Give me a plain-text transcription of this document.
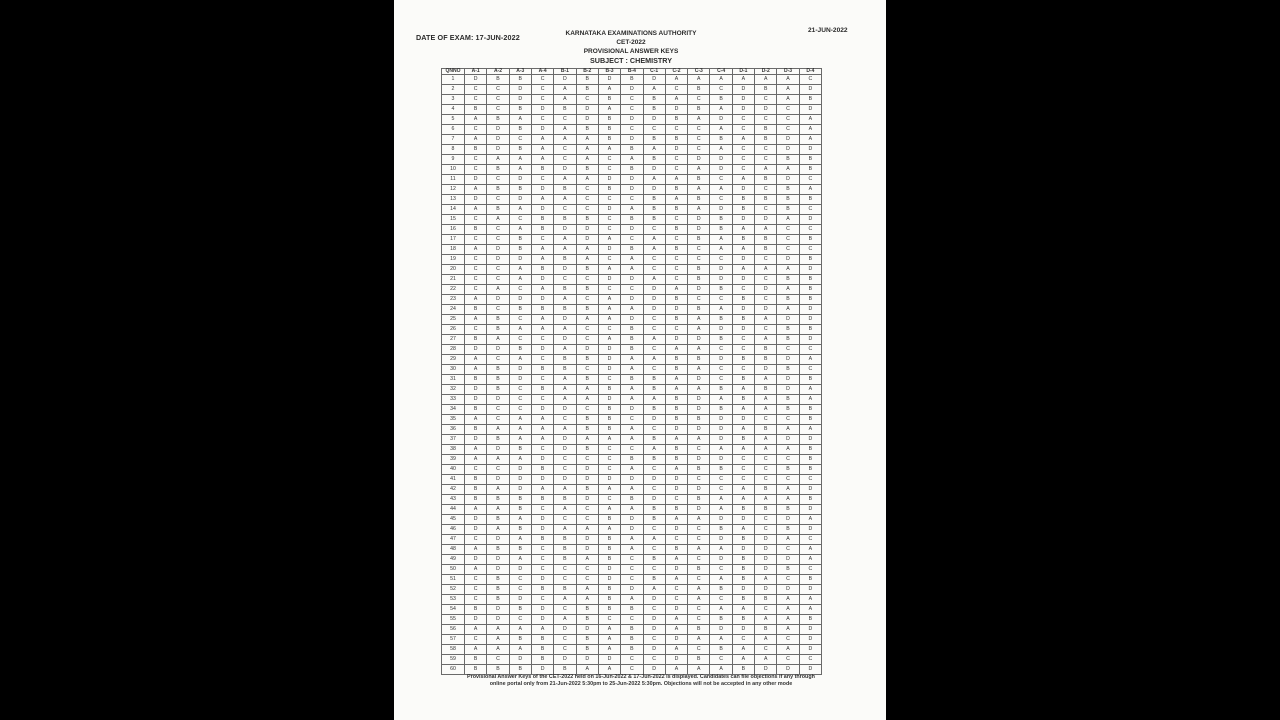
DATE OF EXAM: 17-JUN-2022
21-JUN-2022
KARNATAKA EXAMINATIONS AUTHORITY
CET-2022
PROVISIONAL ANSWER KEYS
SUBJECT : CHEMISTRY
QNNO	A-1	A-2	A-3	A-4	B-1	B-2	B-3	B-4	C-1	C-2	C-3	C-4	D-1	D-2	D-3	D-4
1	D	B	B	C	D	B	D	B	D	A	A	A	A	A	A	C
2	C	C	D	C	A	B	A	D	A	C	B	C	D	B	A	D
3	C	C	D	C	A	C	B	C	B	A	C	B	D	C	A	B
4	B	C	B	D	B	D	A	C	B	D	B	A	D	D	C	D
5	A	B	A	C	C	D	B	D	D	B	A	D	C	C	C	A
6	C	D	B	D	A	B	B	C	C	C	C	A	C	B	C	A
7	A	D	C	A	A	A	B	D	B	B	C	B	A	B	D	A
8	B	D	B	A	C	A	A	B	A	D	C	A	C	C	D	D
9	C	A	A	A	C	A	C	A	B	C	D	D	C	C	B	B
10	C	B	A	B	D	B	C	B	D	C	A	D	C	A	A	B
11	D	C	D	C	A	A	D	D	A	A	B	C	A	B	D	C
12	A	B	B	D	B	C	B	D	D	B	A	A	D	C	B	A
13	D	C	D	A	A	C	C	C	B	A	B	C	B	B	B	B
14	A	B	A	D	C	C	D	A	B	B	A	D	B	C	B	C
15	C	A	C	B	B	B	C	B	B	C	D	B	D	D	A	D
16	B	C	A	B	D	D	C	D	C	B	D	B	A	A	C	C
17	C	C	B	C	A	D	A	C	A	C	B	A	B	B	C	B
18	A	D	B	A	A	A	D	B	A	B	C	A	A	B	C	C
19	C	D	D	A	B	A	C	A	C	C	C	C	D	C	D	B
20	C	C	A	B	D	B	A	A	C	C	B	D	A	A	A	D
21	C	C	A	D	C	C	D	D	A	C	B	D	D	C	B	B
22	C	A	C	A	B	B	C	C	D	A	D	B	C	D	A	B
23	A	D	D	D	A	C	A	D	D	B	C	C	B	C	B	B
24	B	C	B	B	B	B	A	A	D	D	B	A	D	D	A	D
25	A	B	C	A	D	A	A	D	C	B	A	B	B	A	D	D
26	C	B	A	A	A	C	C	B	C	C	A	D	D	C	B	B
27	B	A	C	C	D	C	A	B	A	D	D	B	C	A	B	D
28	D	D	B	D	A	D	D	B	C	A	A	C	C	B	C	C
29	A	C	A	C	B	B	D	A	A	B	B	D	B	B	D	A
30	A	B	D	B	B	C	D	A	C	B	A	C	C	D	B	C
31	B	B	D	C	A	B	C	B	B	A	D	C	B	A	D	B
32	D	B	C	B	A	A	B	A	B	A	A	B	A	B	D	A
33	D	D	C	C	A	A	D	A	A	B	D	A	B	A	B	A
34	B	C	C	D	D	C	B	D	B	B	D	B	A	A	B	B
35	A	C	A	A	C	B	B	C	D	B	B	D	D	C	C	B
36	B	A	A	A	A	B	B	A	C	D	D	D	A	B	A	A
37	D	B	A	A	D	A	A	A	B	A	A	D	B	A	D	D
38	A	D	B	C	D	B	C	C	A	B	C	A	A	A	A	B
39	A	A	A	D	C	C	C	B	B	B	D	D	C	C	C	B
40	C	C	D	B	C	D	C	A	C	A	B	B	C	C	B	B
41	B	D	D	D	D	D	D	D	D	D	C	C	C	C	C	C
42	B	A	D	A	A	B	A	A	C	D	D	C	A	B	A	D
43	B	B	B	B	B	D	C	B	D	C	B	A	A	A	A	B
44	A	A	B	C	A	C	A	A	B	B	D	A	B	B	B	D
45	D	B	A	D	C	C	B	D	B	A	A	D	D	C	D	A
46	D	A	B	D	A	A	A	D	C	D	C	B	A	C	B	D
47	C	D	A	B	B	D	B	A	A	C	C	D	B	D	A	C
48	A	B	B	C	B	D	B	A	C	B	A	A	D	D	C	A
49	D	D	A	C	B	A	B	C	B	A	C	D	B	D	D	A
50	A	D	D	C	C	C	D	C	C	D	B	C	B	D	B	C
51	C	B	C	D	C	C	D	C	B	A	C	A	B	A	C	B
52	C	B	C	B	B	A	B	D	A	C	A	B	D	D	D	D
53	C	B	D	C	A	A	B	A	D	C	A	C	B	B	A	A
54	B	D	B	D	C	B	B	B	C	D	C	A	A	C	A	A
55	D	D	C	D	A	B	C	C	D	A	C	B	B	A	A	B
56	A	A	A	A	D	D	A	B	D	A	B	D	D	B	A	D
57	C	A	B	B	C	B	A	B	C	D	A	A	C	A	C	D
58	A	A	A	B	C	B	A	B	D	A	C	B	A	C	A	D
59	B	C	D	B	D	D	D	C	C	D	B	C	A	A	C	C
60	B	B	B	D	B	A	A	C	D	A	A	A	B	D	D	D
Provisional Answer Keys of the CET-2022 held on 16-Jun-2022 & 17-Jun-2022 is displayed. Candidates can file objections if any through online portal only from 21-Jun-2022 5:30pm to 25-Jun-2022 5:30pm. Objections will not be accepted in any other mode
